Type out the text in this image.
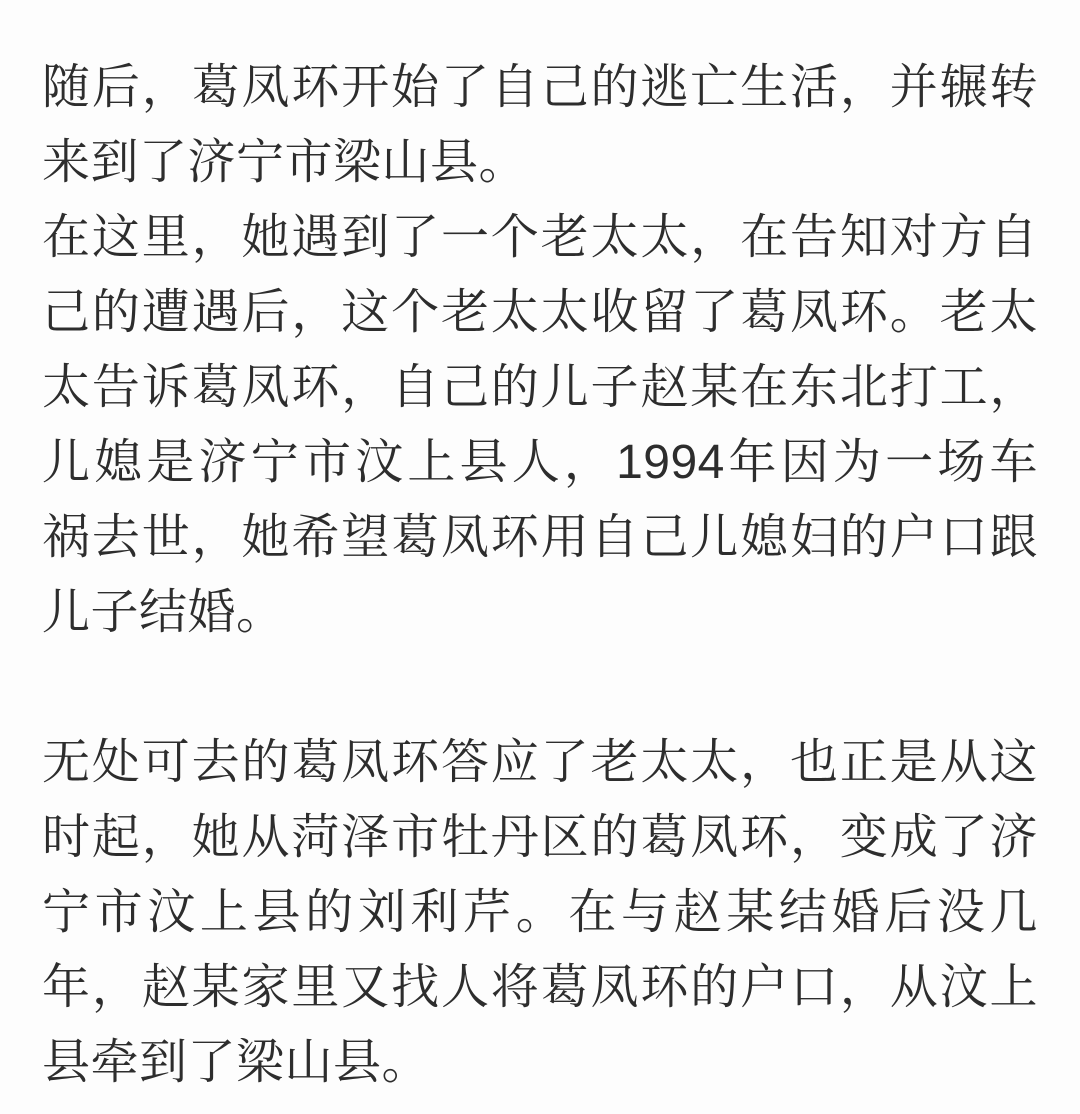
随后，葛凤环开始了自己的逃亡生活，并辗转
来到了济宁市梁山县。

在这里，她遇到了一个老太太，在告知对方自
己的遭遇后，这个老太太收留了葛凤环。老太
太告诉葛凤环，自己的儿子赵某在东北打工，
儿媳是济宁市汶上县人，1994年因为一场车
祸去世，她希望葛凤环用自己儿媳妇的户口跟
儿子结婚。

无处可去的葛凤环答应了老太太，也正是从这
时起，她从菏泽市牡丹区的葛凤环，变成了济
宁市汶上县的刘利芹。在与赵某结婚后没几
年，赵某家里又找人将葛凤环的户口，从汶上
县牵到了梁山县。
